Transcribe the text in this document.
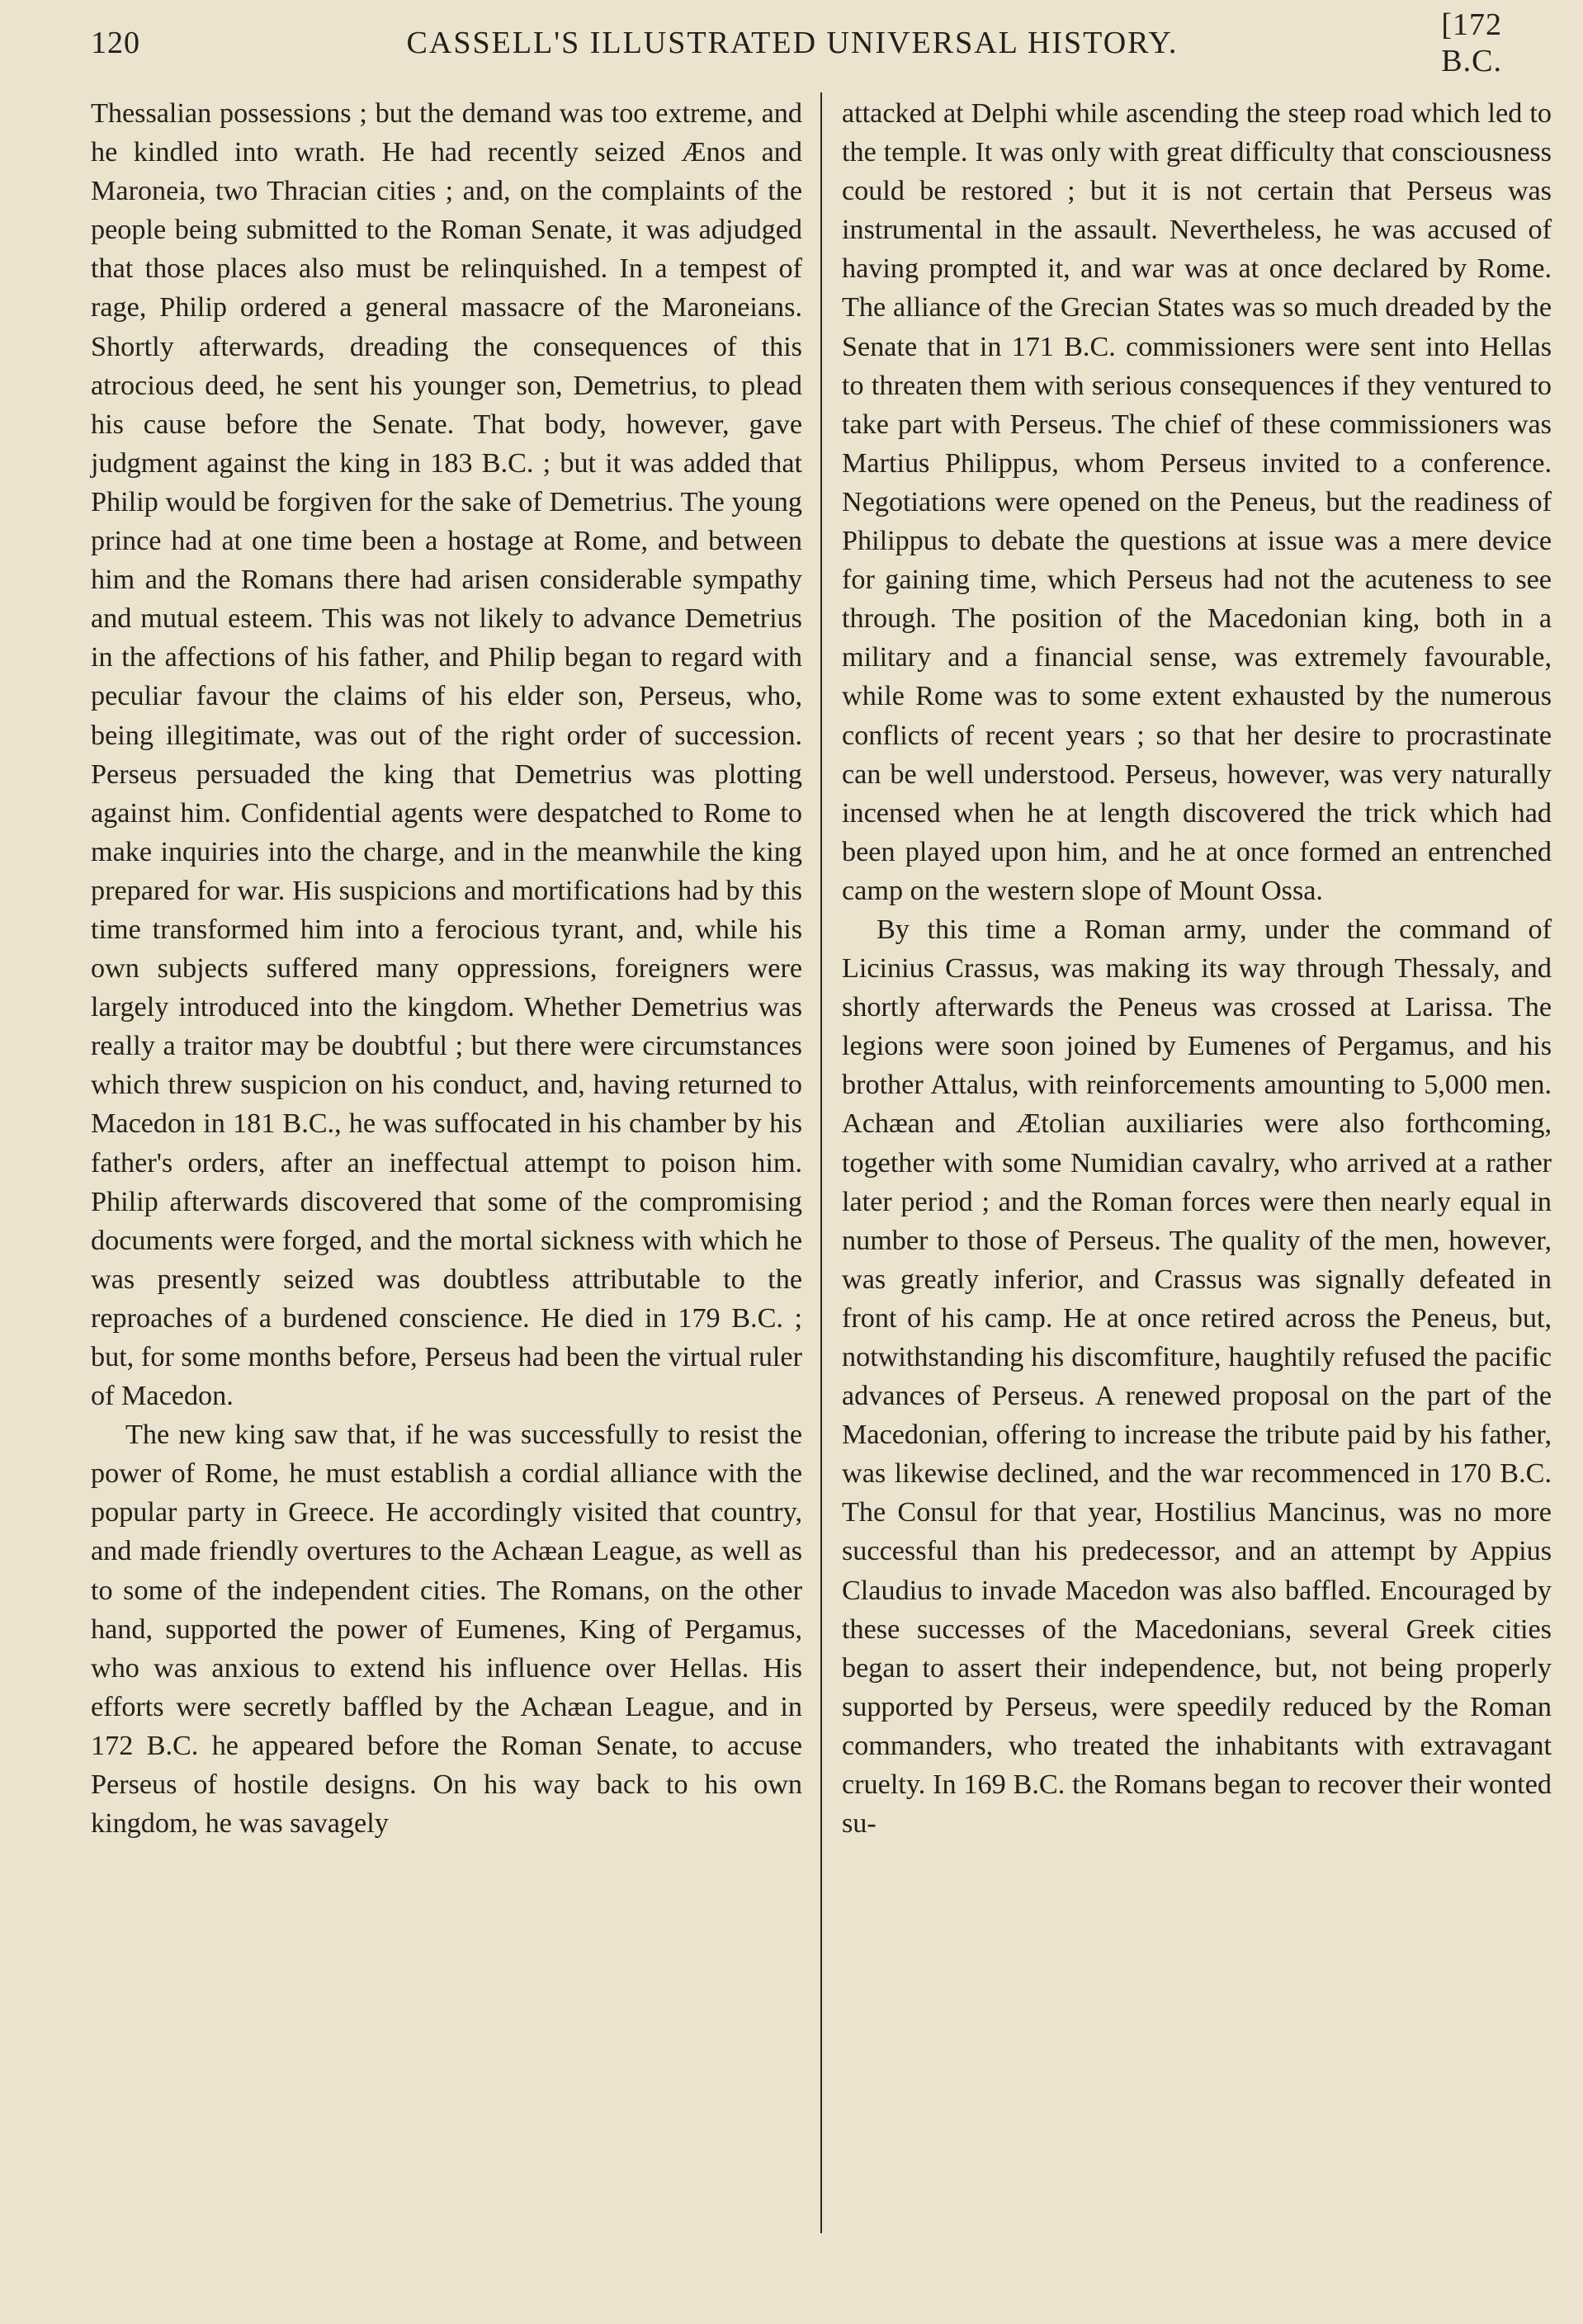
120	CASSELL'S ILLUSTRATED UNIVERSAL HISTORY.
[172 B.C.

Thessalian possessions ; but the demand was too extreme, and he kindled into wrath. He had recently seized Ænos and Maroneia, two Thracian cities ; and, on the complaints of the people being submitted to the Roman Senate, it was adjudged that those places also must be relinquished. In a tempest of rage, Philip ordered a general massacre of the Maroneians. Shortly afterwards, dreading the consequences of this atrocious deed, he sent his younger son, Demetrius, to plead his cause before the Senate. That body, however, gave judgment against the king in 183 B.C. ; but it was added that Philip would be forgiven for the sake of Demetrius. The young prince had at one time been a hostage at Rome, and between him and the Romans there had arisen considerable sympathy and mutual esteem. This was not likely to advance Demetrius in the affections of his father, and Philip began to regard with peculiar favour the claims of his elder son, Perseus, who, being illegitimate, was out of the right order of succession. Perseus persuaded the king that Demetrius was plotting against him. Confidential agents were despatched to Rome to make inquiries into the charge, and in the meanwhile the king prepared for war. His suspicions and mortifications had by this time transformed him into a ferocious tyrant, and, while his own subjects suffered many oppressions, foreigners were largely introduced into the kingdom. Whether Demetrius was really a traitor may be doubtful ; but there were circumstances which threw suspicion on his conduct, and, having returned to Macedon in 181 B.C., he was suffocated in his chamber by his father's orders, after an ineffectual attempt to poison him. Philip afterwards discovered that some of the compromising documents were forged, and the mortal sickness with which he was presently seized was doubtless attributable to the reproaches of a burdened conscience. He died in 179 B.C. ; but, for some months before, Perseus had been the virtual ruler of Macedon.

The new king saw that, if he was successfully to resist the power of Rome, he must establish a cordial alliance with the popular party in Greece. He accordingly visited that country, and made friendly overtures to the Achæan League, as well as to some of the independent cities. The Romans, on the other hand, supported the power of Eumenes, King of Pergamus, who was anxious to extend his influence over Hellas. His efforts were secretly baffled by the Achæan League, and in 172 B.C. he appeared before the Roman Senate, to accuse Perseus of hostile designs. On his way back to his own kingdom, he was savagely

attacked at Delphi while ascending the steep road which led to the temple. It was only with great difficulty that consciousness could be restored ; but it is not certain that Perseus was instrumental in the assault. Nevertheless, he was accused of having prompted it, and war was at once declared by Rome. The alliance of the Grecian States was so much dreaded by the Senate that in 171 B.C. commissioners were sent into Hellas to threaten them with serious consequences if they ventured to take part with Perseus. The chief of these commissioners was Martius Philippus, whom Perseus invited to a conference. Negotiations were opened on the Peneus, but the readiness of Philippus to debate the questions at issue was a mere device for gaining time, which Perseus had not the acuteness to see through. The position of the Macedonian king, both in a military and a financial sense, was extremely favourable, while Rome was to some extent exhausted by the numerous conflicts of recent years ; so that her desire to procrastinate can be well understood. Perseus, however, was very naturally incensed when he at length discovered the trick which had been played upon him, and he at once formed an entrenched camp on the western slope of Mount Ossa.

By this time a Roman army, under the command of Licinius Crassus, was making its way through Thessaly, and shortly afterwards the Peneus was crossed at Larissa. The legions were soon joined by Eumenes of Pergamus, and his brother Attalus, with reinforcements amounting to 5,000 men. Achæan and Ætolian auxiliaries were also forthcoming, together with some Numidian cavalry, who arrived at a rather later period ; and the Roman forces were then nearly equal in number to those of Perseus. The quality of the men, however, was greatly inferior, and Crassus was signally defeated in front of his camp. He at once retired across the Peneus, but, notwithstanding his discomfiture, haughtily refused the pacific advances of Perseus. A renewed proposal on the part of the Macedonian, offering to increase the tribute paid by his father, was likewise declined, and the war recommenced in 170 B.C. The Consul for that year, Hostilius Mancinus, was no more successful than his predecessor, and an attempt by Appius Claudius to invade Macedon was also baffled. Encouraged by these successes of the Macedonians, several Greek cities began to assert their independence, but, not being properly supported by Perseus, were speedily reduced by the Roman commanders, who treated the inhabitants with extravagant cruelty. In 169 B.C. the Romans began to recover their wonted su-
